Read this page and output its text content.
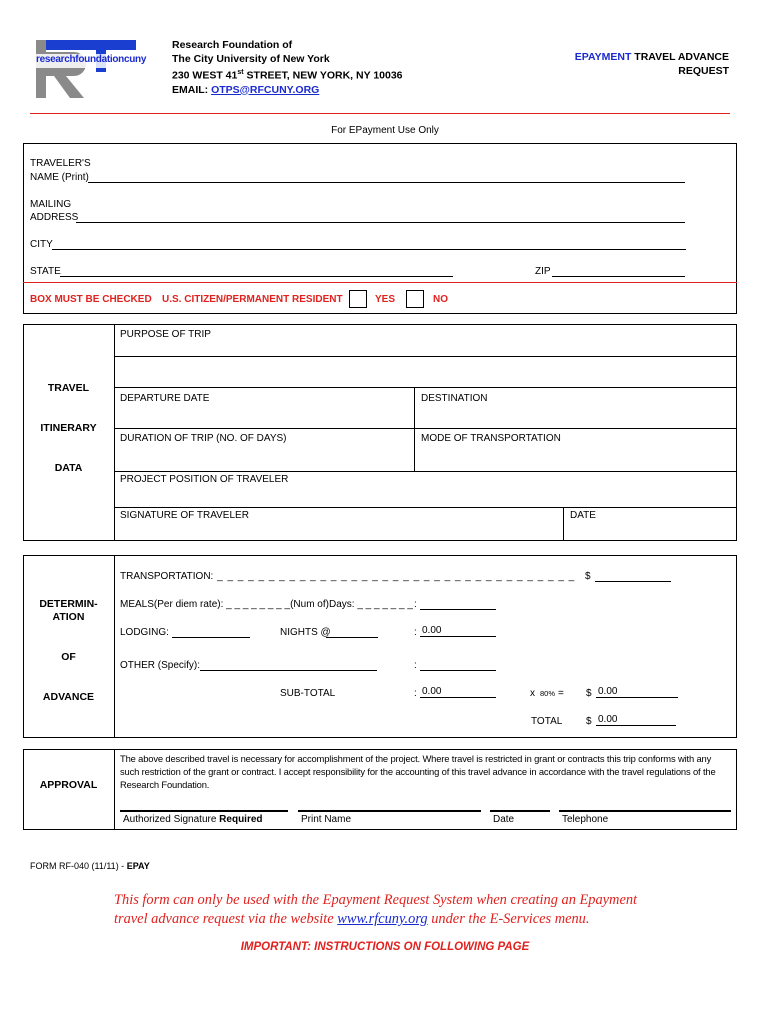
researchfoundationcuny
Research Foundation of
The City University of New York
230 WEST 41st STREET, NEW YORK, NY 10036
EMAIL: OTPS@RFCUNY.ORG
EPAYMENT TRAVEL ADVANCE
REQUEST
For EPayment Use Only
TRAVELER'S
NAME (Print)
MAILING
ADDRESS
CITY
STATE	ZIP
BOX MUST BE CHECKED U.S. CITIZEN/PERMANENT RESIDENT	YES	NO
TRAVEL
ITINERARY
DATA
PURPOSE OF TRIP
DEPARTURE DATE	DESTINATION
DURATION OF TRIP (NO. OF DAYS)	MODE OF TRANSPORTATION
PROJECT POSITION OF TRAVELER
SIGNATURE OF TRAVELER	DATE
DETERMIN-
ATION
OF
ADVANCE
TRANSPORTATION: _ _ _ _ _ _ _ _ _ _ _ _ _ _ _ _ _ _ _ _ _ _ _ _ _ _ _ _ _ _ _ _ _ _ _ $
MEALS(Per diem rate): _ _ _ _ _ _ _ _(Num of)Days: _ _ _ _ _ _ _ :
LODGING:	NIGHTS @	: 0.00
OTHER (Specify):	:
SUB-TOTAL	: 0.00	x 80% = $ 0.00
TOTAL $ 0.00
APPROVAL
The above described travel is necessary for accomplishment of the project. Where travel is restricted in grant or contracts this trip conforms with any such restriction of the grant or contract. I accept responsibility for the accounting of this travel advance in accordance with the travel regulations of the Research Foundation.
Authorized Signature Required	Print Name	Date	Telephone
FORM RF-040 (11/11) - EPAY
This form can only be used with the Epayment Request System when creating an Epayment
travel advance request via the website www.rfcuny.org under the E-Services menu.
IMPORTANT: INSTRUCTIONS ON FOLLOWING PAGE
